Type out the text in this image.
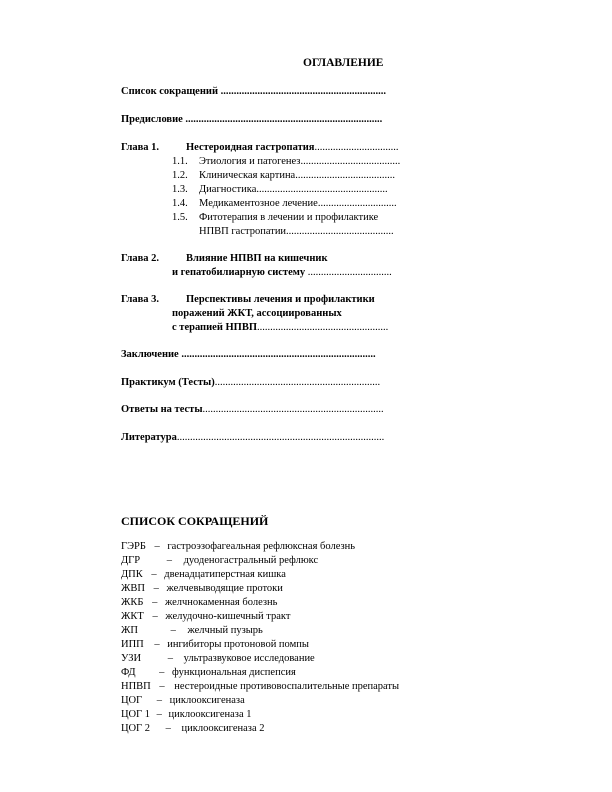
ОГЛАВЛЕНИЕ
Список сокращений ...............................................................
Предисловие ...........................................................................
Глава 1.	Нестероидная гастропатия................................
1.1. Этиология и патогенез......................................
1.2. Клиническая картина......................................
1.3. Диагностика..................................................
1.4. Медикаментозное лечение..............................
1.5. Фитотерапия в лечении и профилактике
НПВП гастропатии.........................................
Глава 2.	Влияние НПВП на кишечник
и гепатобилиарную систему ................................
Глава 3.	Перспективы лечения и профилактики
поражений ЖКТ, ассоциированных
с терапией НПВП..................................................
Заключение ..........................................................................
Практикум (Тесты)...............................................................
Ответы на тесты.....................................................................
Литература...............................................................................
СПИСОК СОКРАЩЕНИЙ
ГЭРБ – гастроэзофагеальная рефлюксная болезнь
ДГР	– дуоденогастральный рефлюкс
ДПК – двенадцатиперстная кишка
ЖВП – желчевыводящие протоки
ЖКБ – желчнокаменная болезнь
ЖКТ – желудочно-кишечный тракт
ЖП	– желчный пузырь
ИПП – ингибиторы протоновой помпы
УЗИ	– ультразвуковое исследование
ФД – функциональная диспепсия
НПВП – нестероидные противовоспалительные препараты
ЦОГ – циклооксигеназа
ЦОГ 1 – циклооксигеназа 1
ЦОГ 2 – циклооксигеназа 2
